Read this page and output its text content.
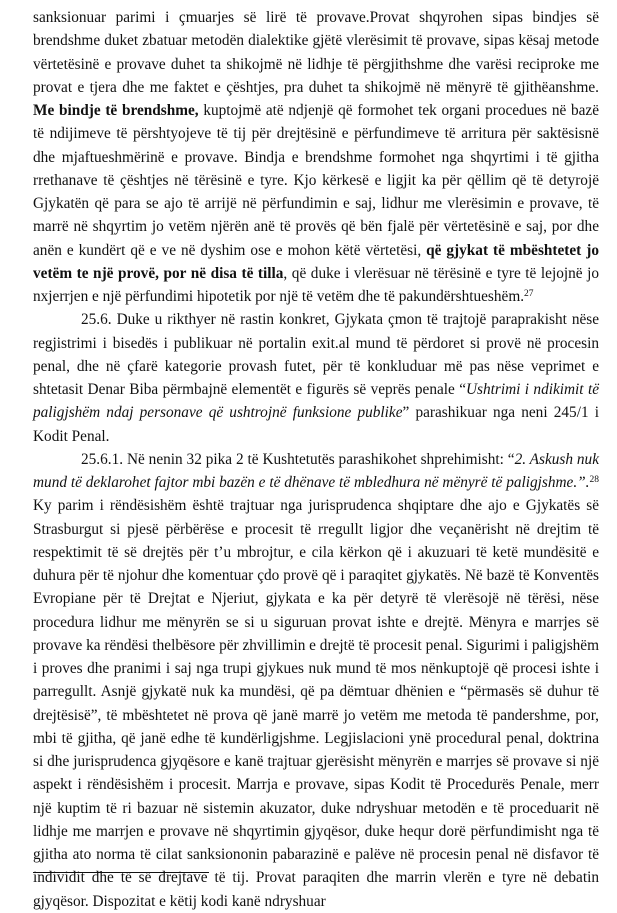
sanksionuar parimi i çmuarjes së lirë të provave.Provat shqyrohen sipas bindjes së brendshme duket zbatuar metodën dialektike gjëtë vlerësimit të provave, sipas kësaj metode vërtetësinë e provave duhet ta shikojmë në lidhje të përgjithshme dhe varësi reciproke me provat e tjera dhe me faktet e çështjes, pra duhet ta shikojmë në mënyrë të gjithëanshme. Me bindje të brendshme, kuptojmë atë ndjenjë që formohet tek organi procedues në bazë të ndijimeve të përshtyojeve të tij për drejtësinë e përfundimeve të arritura për saktësisnë dhe mjaftueshmërinë e provave. Bindja e brendshme formohet nga shqyrtimi i të gjitha rrethanave të çështjes në tërësinë e tyre. Kjo kërkesë e ligjit ka për qëllim që të detyrojë Gjykatën që para se ajo të arrijë në përfundimin e saj, lidhur me vlerësimin e provave, të marrë në shqyrtim jo vetëm njërën anë të provës që bën fjalë për vërtetësinë e saj, por dhe anën e kundërt që e ve në dyshim ose e mohon këtë vërtetësi, që gjykat të mbështetet jo vetëm te një provë, por në disa të tilla, që duke i vlerësuar në tërësinë e tyre të lejojnë jo nxjerrjen e një përfundimi hipotetik por një të vetëm dhe të pakundërshtueshëm.$^{27}$

25.6. Duke u rikthyer në rastin konkret, Gjykata çmon të trajtojë paraprakisht nëse regjistrimi i bisedës i publikuar në portalin exit.al mund të përdoret si provë në procesin penal, dhe në çfarë kategorie provash futet, për të konkluduar më pas nëse veprimet e shtetasit Denar Biba përmbajnë elementët e figurës së veprës penale “Ushtrimi i ndikimit të paligjshëm ndaj personave që ushtrojnë funksione publike” parashikuar nga neni 245/1 i Kodit Penal.

25.6.1. Në nenin 32 pika 2 të Kushtetutës parashikohet shprehimisht: “2. Askush nuk mund të deklarohet fajtor mbi bazën e të dhënave të mbledhura në mënyrë të paligjshme.”.$^{28}$ Ky parim i rëndësishëm është trajtuar nga jurisprudenca shqiptare dhe ajo e Gjykatës së Strasburgut si pjesë përbërëse e procesit të rregullt ligjor dhe veçanërisht në drejtim të respektimit të së drejtës për t’u mbrojtur, e cila kërkon që i akuzuari të ketë mundësitë e duhura për të njohur dhe komentuar çdo provë që i paraqitet gjykatës. Në bazë të Konventës Evropiane për të Drejtat e Njeriut, gjykata e ka për detyrë të vlerësojë në tërësi, nëse procedura lidhur me mënyrën se si u siguruan provat ishte e drejtë. Mënyra e marrjes së provave ka rëndësi thelbësore për zhvillimin e drejtë të procesit penal. Sigurimi i paligjshëm i proves dhe pranimi i saj nga trupi gjykues nuk mund të mos nënkuptojë që procesi ishte i parregullt. Asnjë gjykatë nuk ka mundësi, që pa dëmtuar dhënien e “përmasës së duhur të drejtësisë”, të mbështetet në prova që janë marrë jo vetëm me metoda të pandershme, por, mbi të gjitha, që janë edhe të kundërligjshme. Legjislacioni ynë procedural penal, doktrina si dhe jurisprudenca gjyqësore e kanë trajtuar gjerësisht mënyrën e marrjes së provave si një aspekt i rëndësishëm i procesit. Marrja e provave, sipas Kodit të Procedurës Penale, merr një kuptim të ri bazuar në sistemin akuzator, duke ndryshuar metodën e të proceduarit në lidhje me marrjen e provave në shqyrtimin gjyqësor, duke hequr dorë përfundimisht nga të gjitha ato norma të cilat sanksiononin pabarazinë e palëve në procesin penal në disfavor të individit dhe të së drejtave të tij. Provat paraqiten dhe marrin vlerën e tyre në debatin gjyqësor. Dispozitat e këtij kodi kanë ndryshuar
